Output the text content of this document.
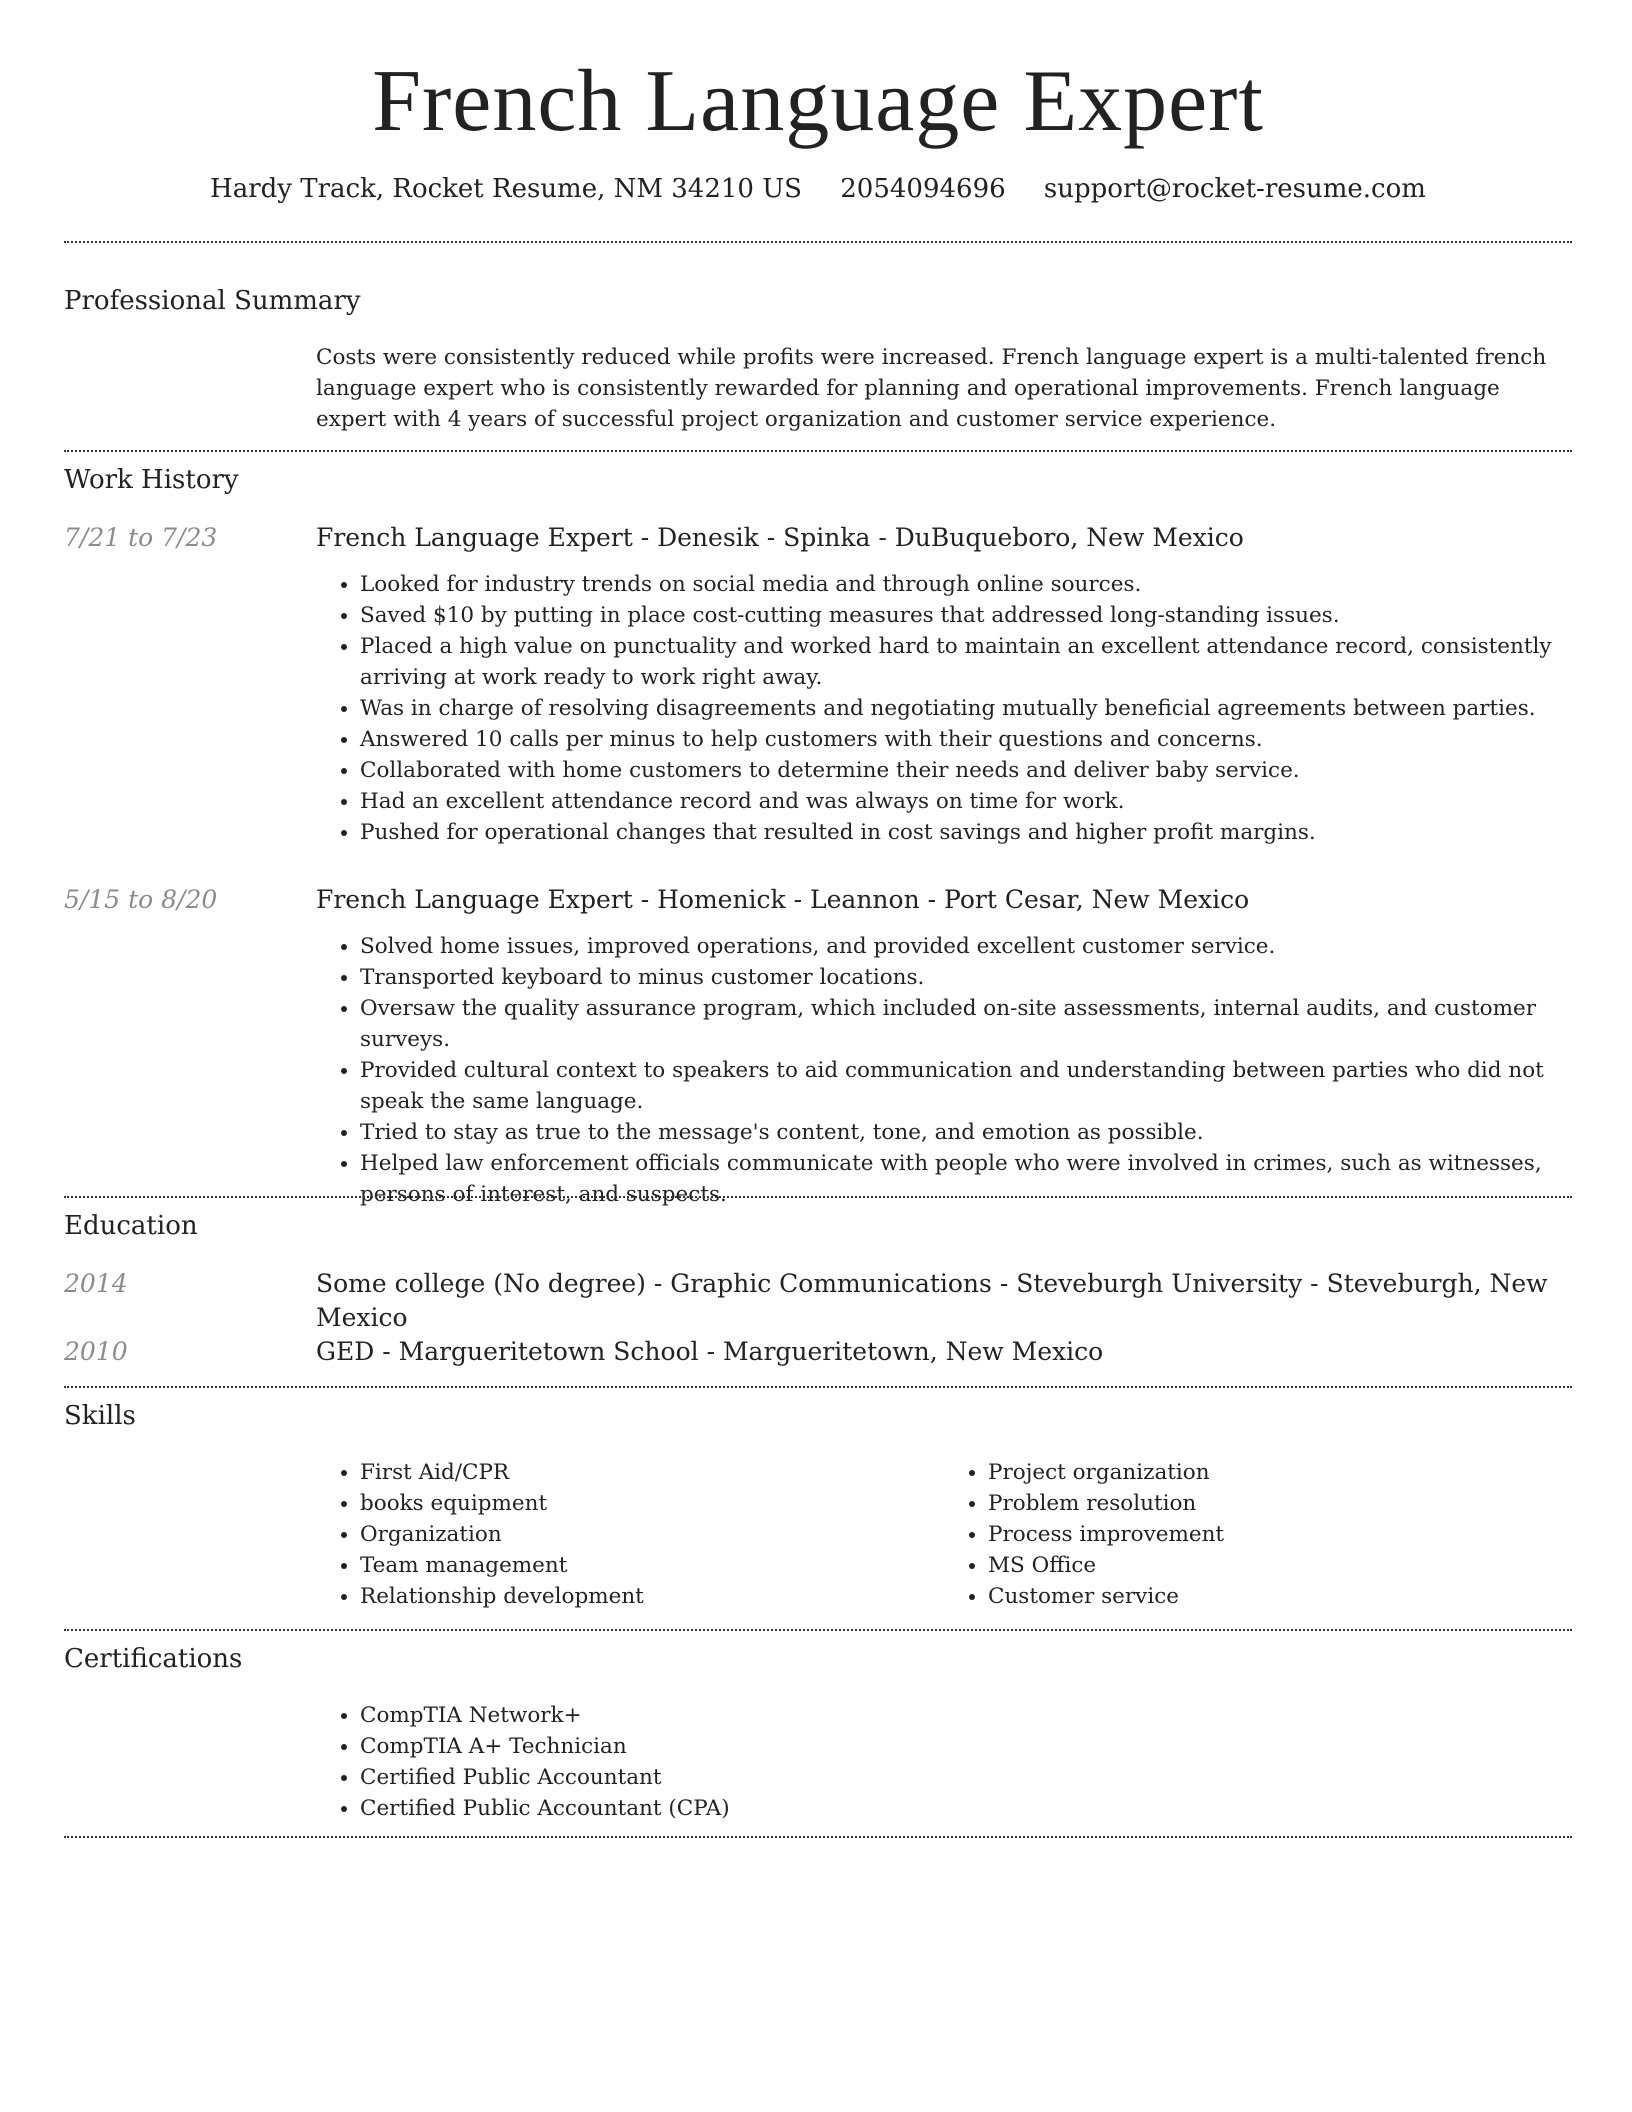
French Language Expert
Hardy Track, Rocket Resume, NM 34210 US 2054094696 support@rocket-resume.com
Professional Summary

Costs were consistently reduced while profits were increased. French language expert is a multi-talented french language expert who is consistently rewarded for planning and operational improvements. French language expert with 4 years of successful project organization and customer service experience.

Work History
7/21 to 7/23	French Language Expert - Denesik - Spinka - DuBuqueboro, New Mexico

• Looked for industry trends on social media and through online sources.
• Saved $10 by putting in place cost-cutting measures that addressed long-standing issues.
• Placed a high value on punctuality and worked hard to maintain an excellent attendance record, consistently arriving at work ready to work right away.
• Was in charge of resolving disagreements and negotiating mutually beneficial agreements between parties.
• Answered 10 calls per minus to help customers with their questions and concerns.
• Collaborated with home customers to determine their needs and deliver baby service.
• Had an excellent attendance record and was always on time for work.
• Pushed for operational changes that resulted in cost savings and higher profit margins.
5/15 to 8/20	French Language Expert - Homenick - Leannon - Port Cesar, New Mexico

• Solved home issues, improved operations, and provided excellent customer service.
• Transported keyboard to minus customer locations.
• Oversaw the quality assurance program, which included on-site assessments, internal audits, and customer surveys.
• Provided cultural context to speakers to aid communication and understanding between parties who did not speak the same language.
• Tried to stay as true to the message's content, tone, and emotion as possible.
• Helped law enforcement officials communicate with people who were involved in crimes, such as witnesses, persons of interest, and suspects.
Education
2014	Some college (No degree) - Graphic Communications - Steveburgh University - Steveburgh, New Mexico

2010	GED - Margueritetown School - Margueritetown, New Mexico

Skills
• First Aid/CPR
• books equipment
• Organization
• Team management
• Relationship development
• Project organization
• Problem resolution
• Process improvement
• MS Office
• Customer service
Certifications
• CompTIA Network+
• CompTIA A+ Technician
• Certified Public Accountant
• Certified Public Accountant (CPA)
